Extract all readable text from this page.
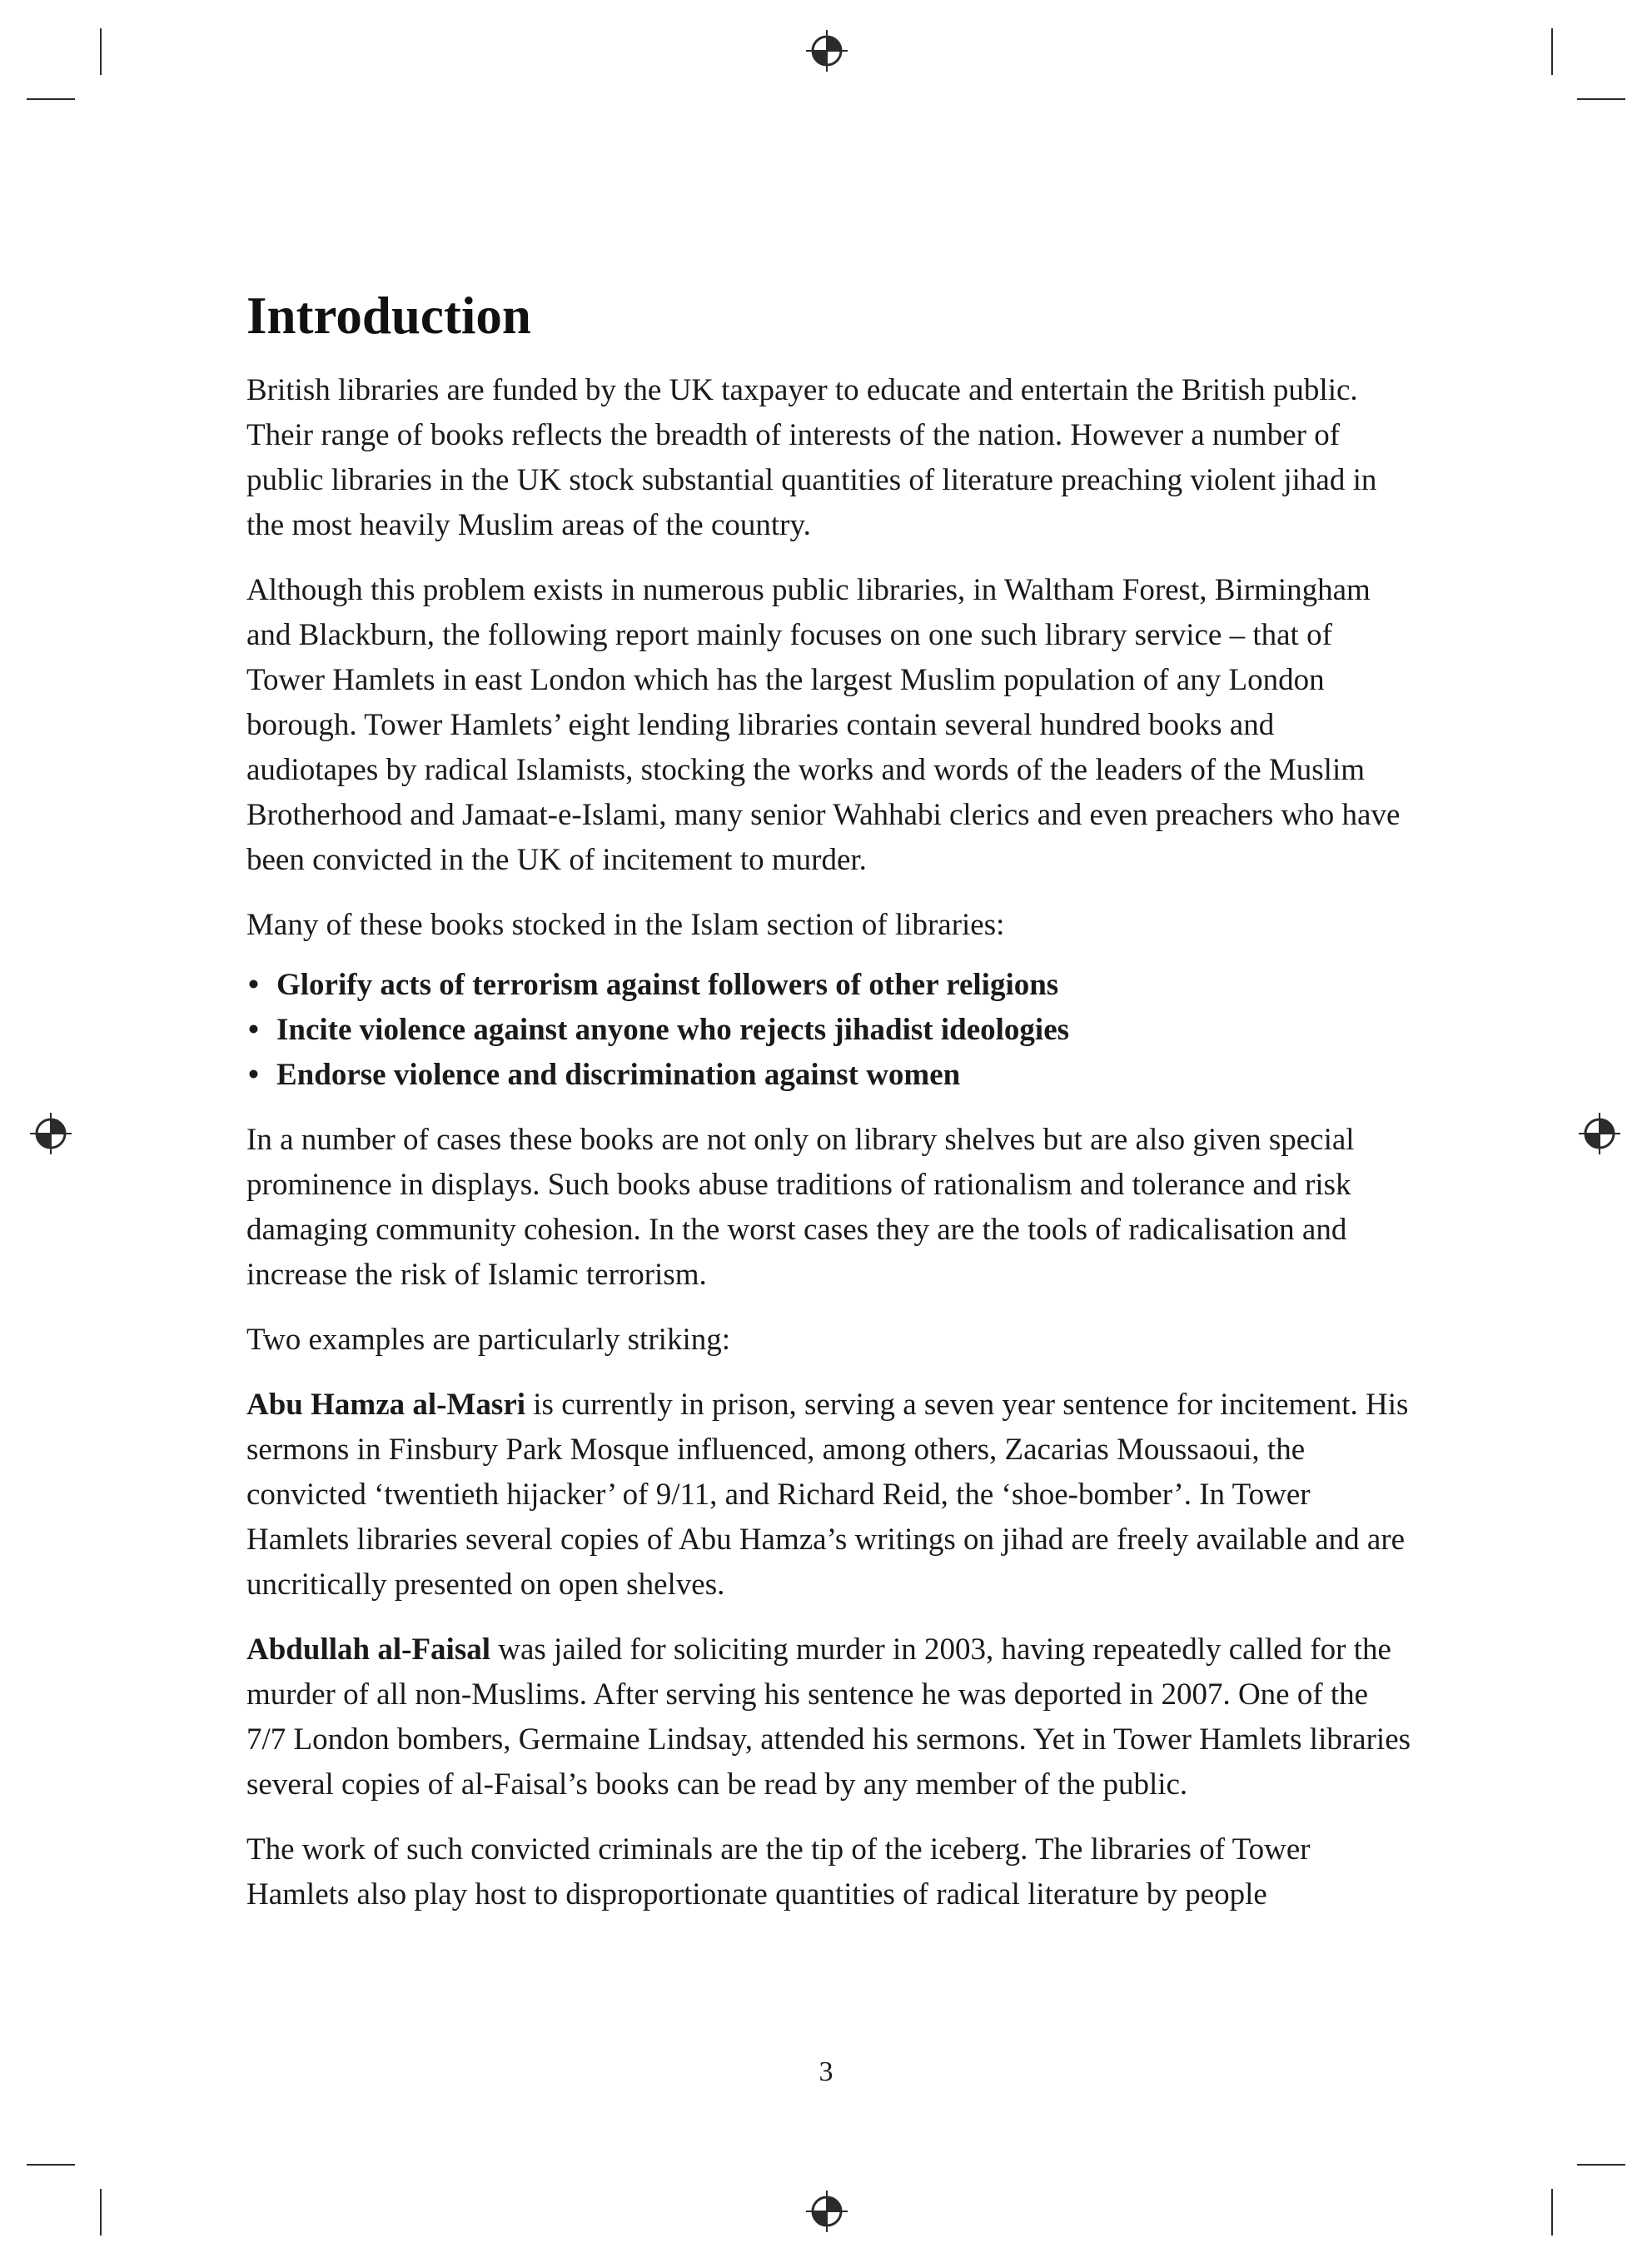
Introduction

British libraries are funded by the UK taxpayer to educate and entertain the British public. Their range of books reflects the breadth of interests of the nation. However a number of public libraries in the UK stock substantial quantities of literature preaching violent jihad in the most heavily Muslim areas of the country.

Although this problem exists in numerous public libraries, in Waltham Forest, Birmingham and Blackburn, the following report mainly focuses on one such library service – that of Tower Hamlets in east London which has the largest Muslim population of any London borough. Tower Hamlets’ eight lending libraries contain several hundred books and audiotapes by radical Islamists, stocking the works and words of the leaders of the Muslim Brotherhood and Jamaat-e-Islami, many senior Wahhabi clerics and even preachers who have been convicted in the UK of incitement to murder.

Many of these books stocked in the Islam section of libraries:

• Glorify acts of terrorism against followers of other religions
• Incite violence against anyone who rejects jihadist ideologies
• Endorse violence and discrimination against women

In a number of cases these books are not only on library shelves but are also given special prominence in displays. Such books abuse traditions of rationalism and tolerance and risk damaging community cohesion. In the worst cases they are the tools of radicalisation and increase the risk of Islamic terrorism.

Two examples are particularly striking:

Abu Hamza al-Masri is currently in prison, serving a seven year sentence for incitement. His sermons in Finsbury Park Mosque influenced, among others, Zacarias Moussaoui, the convicted ‘twentieth hijacker’ of 9/11, and Richard Reid, the ‘shoe-bomber’. In Tower Hamlets libraries several copies of Abu Hamza’s writings on jihad are freely available and are uncritically presented on open shelves.

Abdullah al-Faisal was jailed for soliciting murder in 2003, having repeatedly called for the murder of all non-Muslims. After serving his sentence he was deported in 2007. One of the 7/7 London bombers, Germaine Lindsay, attended his sermons. Yet in Tower Hamlets libraries several copies of al-Faisal’s books can be read by any member of the public.

The work of such convicted criminals are the tip of the iceberg. The libraries of Tower Hamlets also play host to disproportionate quantities of radical literature by people

3
